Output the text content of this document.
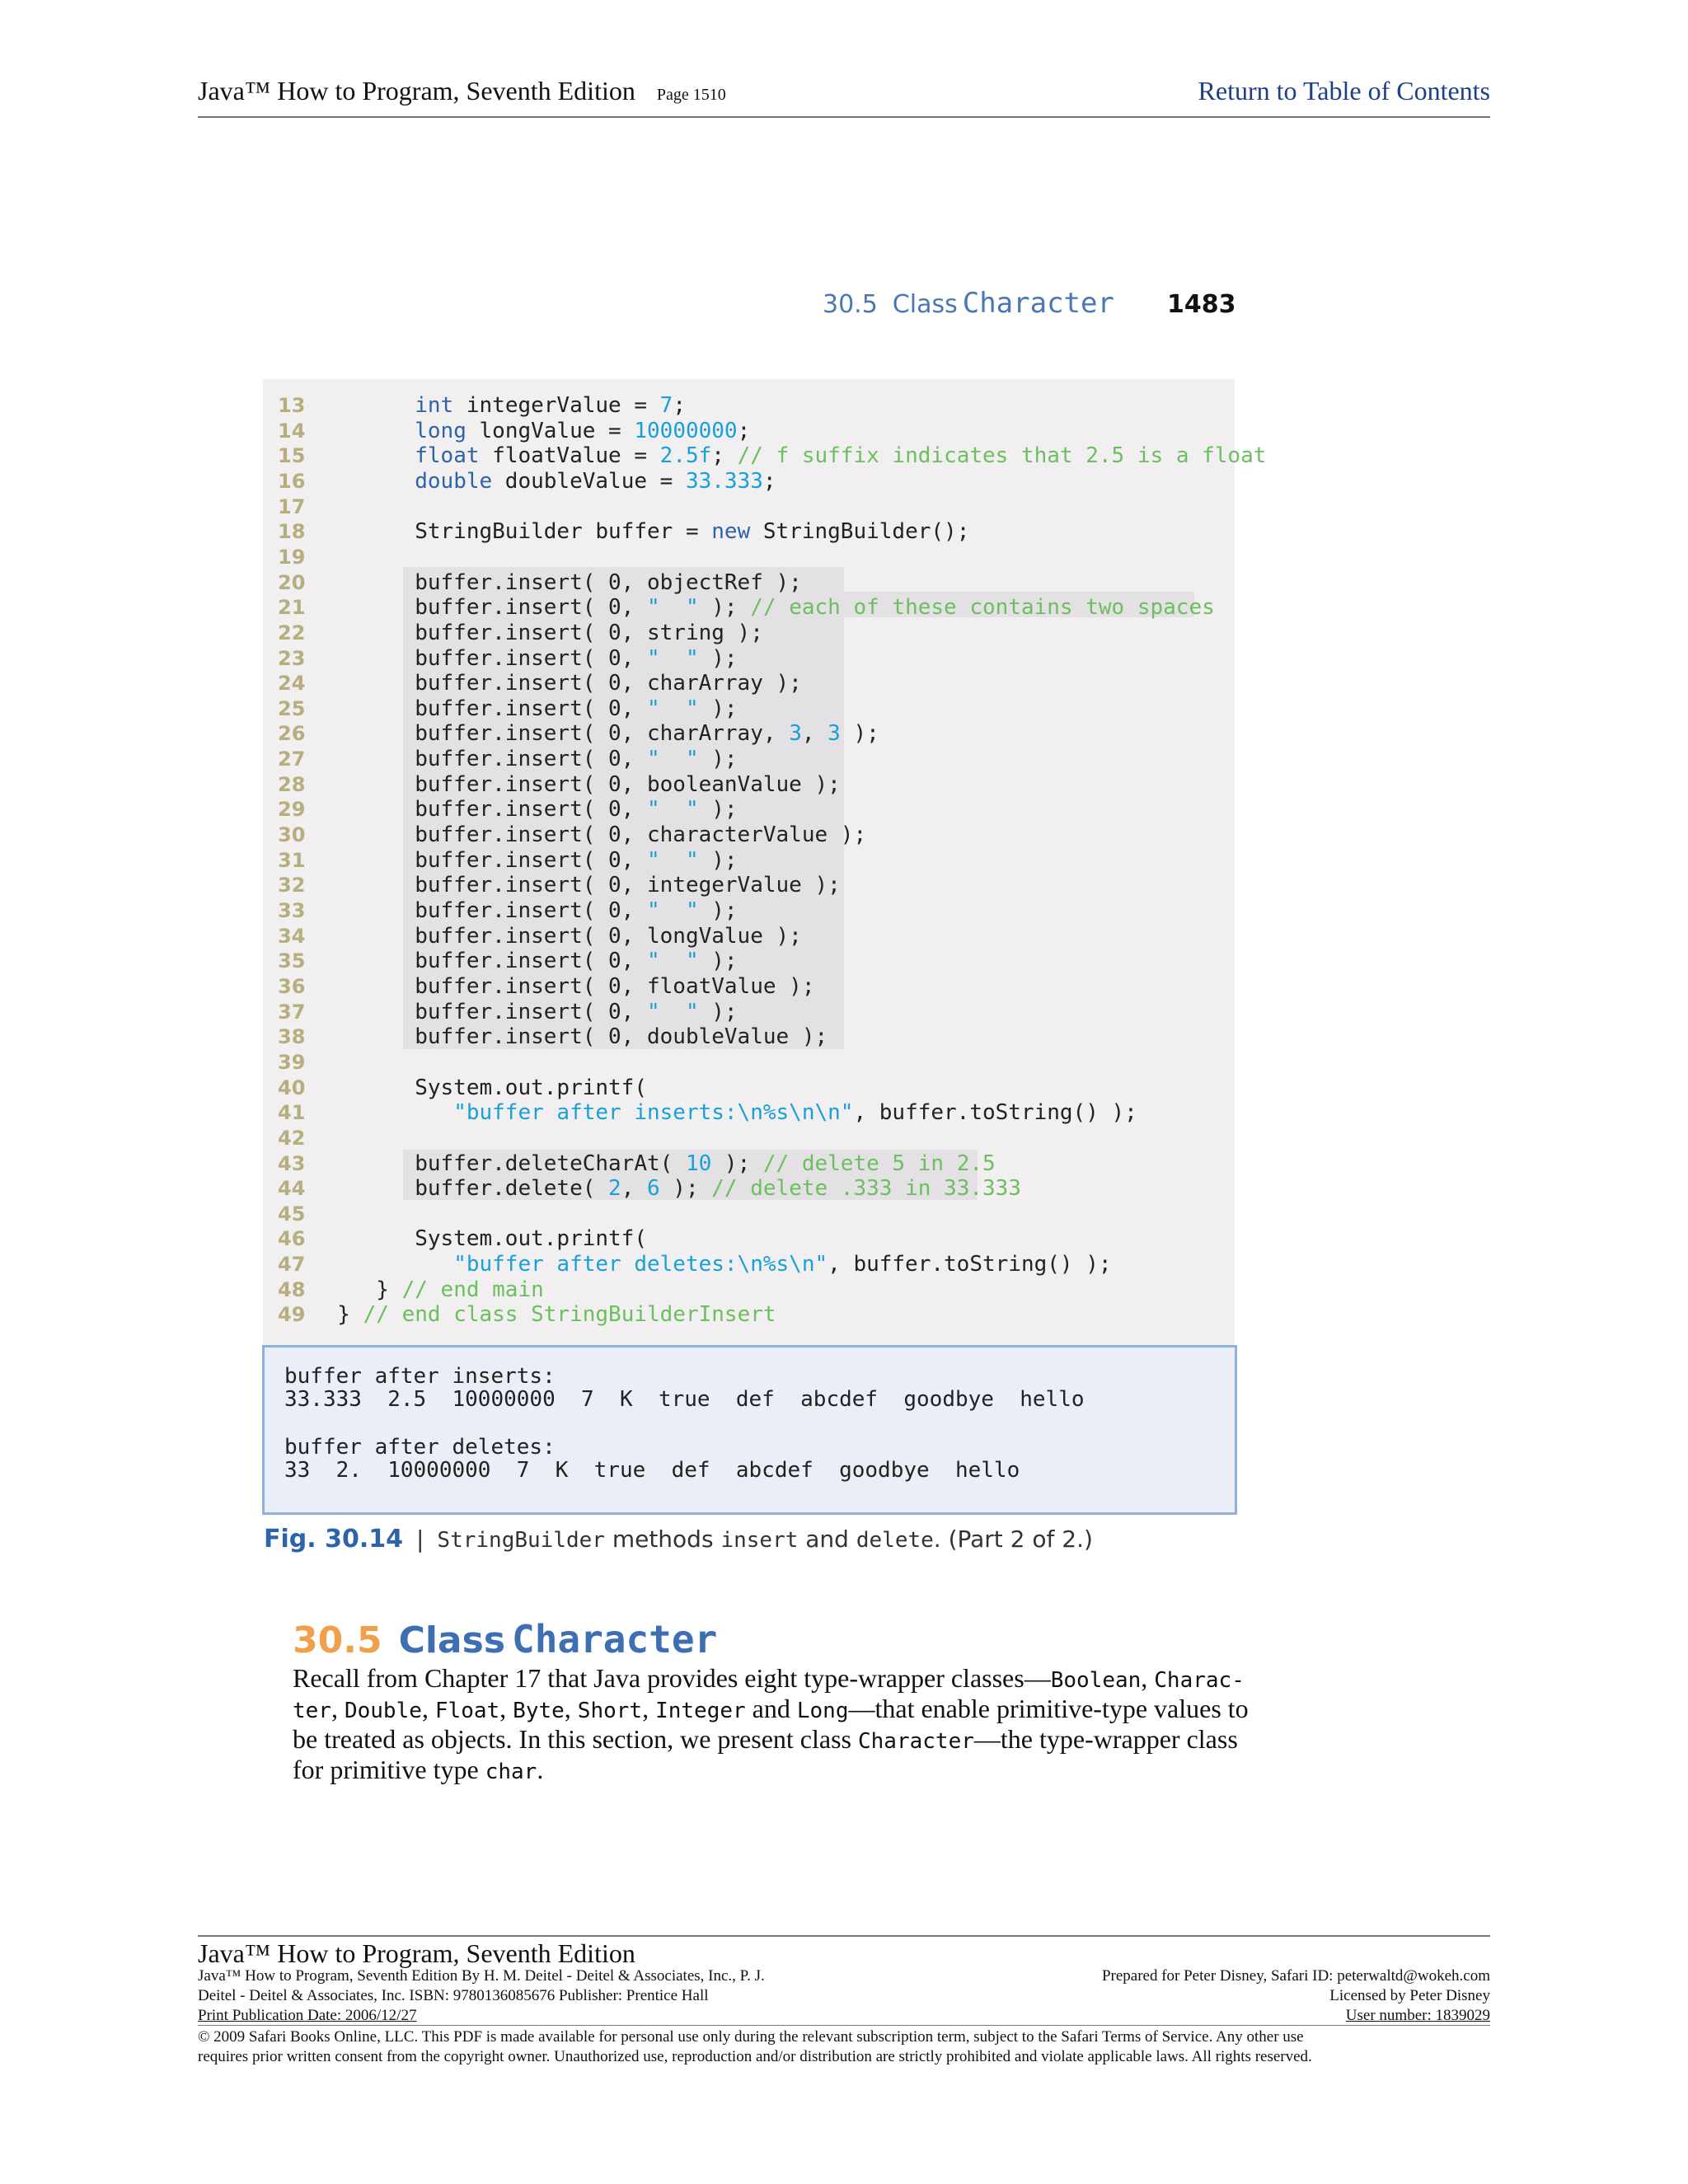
Java™ How to Program, Seventh Edition Page 1510	Return to Table of Contents
30.5 Class Character 1483
13	int integerValue = 7;
14	long longValue = 10000000;
15	float floatValue = 2.5f; // f suffix indicates that 2.5 is a float
16	double doubleValue = 33.333;
17
18 StringBuilder buffer = new StringBuilder();
19
20 buffer.insert( 0, objectRef );
21 buffer.insert( 0, "  " ); // each of these contains two spaces
22 buffer.insert( 0, string );
23 buffer.insert( 0, "  " );
24 buffer.insert( 0, charArray );
25 buffer.insert( 0, "  " );
26 buffer.insert( 0, charArray, 3, 3 );
27 buffer.insert( 0, "  " );
28 buffer.insert( 0, booleanValue );
29 buffer.insert( 0, "  " );
30 buffer.insert( 0, characterValue );
31 buffer.insert( 0, "  " );
32 buffer.insert( 0, integerValue );
33 buffer.insert( 0, "  " );
34 buffer.insert( 0, longValue );
35 buffer.insert( 0, "  " );
36 buffer.insert( 0, floatValue );
37 buffer.insert( 0, "  " );
38 buffer.insert( 0, doubleValue );
39
40 System.out.printf(
41	"buffer after inserts:\n%s\n\n", buffer.toString() );
42
43 buffer.deleteCharAt( 10 ); // delete 5 in 2.5
44 buffer.delete( 2, 6 ); // delete .333 in 33.333
45
46 System.out.printf(
47	"buffer after deletes:\n%s\n", buffer.toString() );
48 } // end main
49 } // end class StringBuilderInsert
buffer after inserts:
33.333  2.5  10000000  7  K  true  def  abcdef  goodbye  hello
buffer after deletes:
33  2.  10000000  7  K  true  def  abcdef  goodbye  hello
Fig. 30.14 | StringBuilder methods insert and delete. (Part 2 of 2.)
30.5 Class Character
Recall from Chapter 17 that Java provides eight type-wrapper classes—Boolean, Charac-
ter, Double, Float, Byte, Short, Integer and Long—that enable primitive-type values to
be treated as objects. In this section, we present class Character—the type-wrapper class
for primitive type char.
Java™ How to Program, Seventh Edition
Java™ How to Program, Seventh Edition By H. M. Deitel - Deitel & Associates, Inc., P. J.
Deitel - Deitel & Associates, Inc. ISBN: 9780136085676 Publisher: Prentice Hall
Print Publication Date: 2006/12/27
Prepared for Peter Disney, Safari ID: peterwaltd@wokeh.com
Licensed by Peter Disney
User number: 1839029
© 2009 Safari Books Online, LLC. This PDF is made available for personal use only during the relevant subscription term, subject to the Safari Terms of Service. Any other use
requires prior written consent from the copyright owner. Unauthorized use, reproduction and/or distribution are strictly prohibited and violate applicable laws. All rights reserved.
